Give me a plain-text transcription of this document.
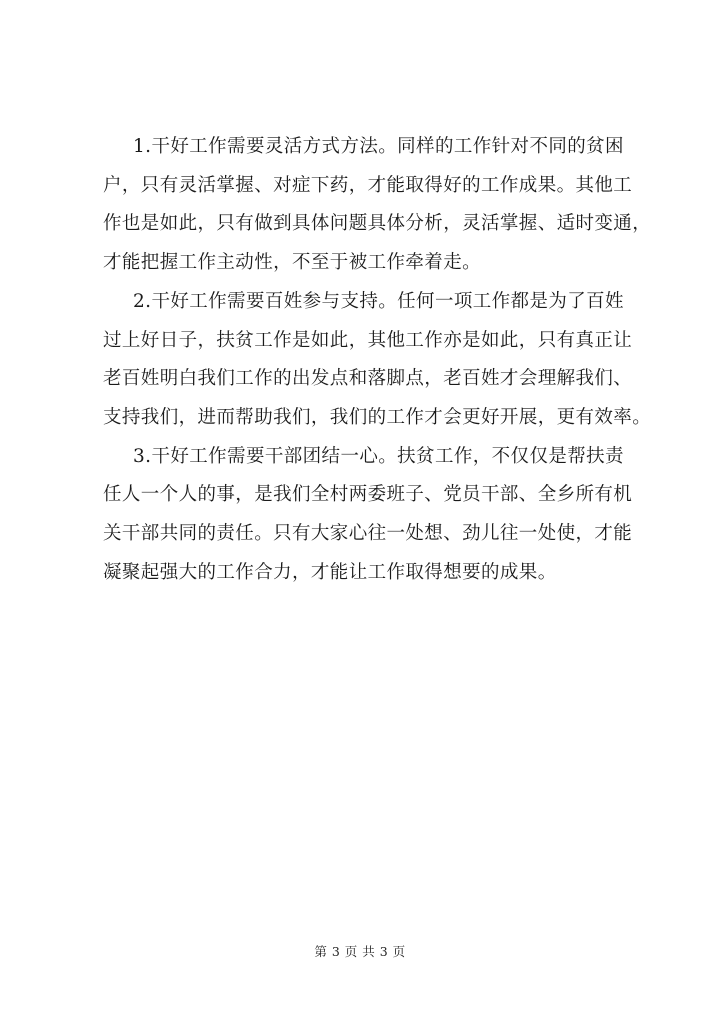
1.干好工作需要灵活方式方法。同样的工作针对不同的贫困
户，只有灵活掌握、对症下药，才能取得好的工作成果。其他工
作也是如此，只有做到具体问题具体分析，灵活掌握、适时变通，
才能把握工作主动性，不至于被工作牵着走。
2.干好工作需要百姓参与支持。任何一项工作都是为了百姓
过上好日子，扶贫工作是如此，其他工作亦是如此，只有真正让
老百姓明白我们工作的出发点和落脚点，老百姓才会理解我们、
支持我们，进而帮助我们，我们的工作才会更好开展，更有效率。
3.干好工作需要干部团结一心。扶贫工作，不仅仅是帮扶责
任人一个人的事，是我们全村两委班子、党员干部、全乡所有机
关干部共同的责任。只有大家心往一处想、劲儿往一处使，才能
凝聚起强大的工作合力，才能让工作取得想要的成果。
第 3 页 共 3 页
